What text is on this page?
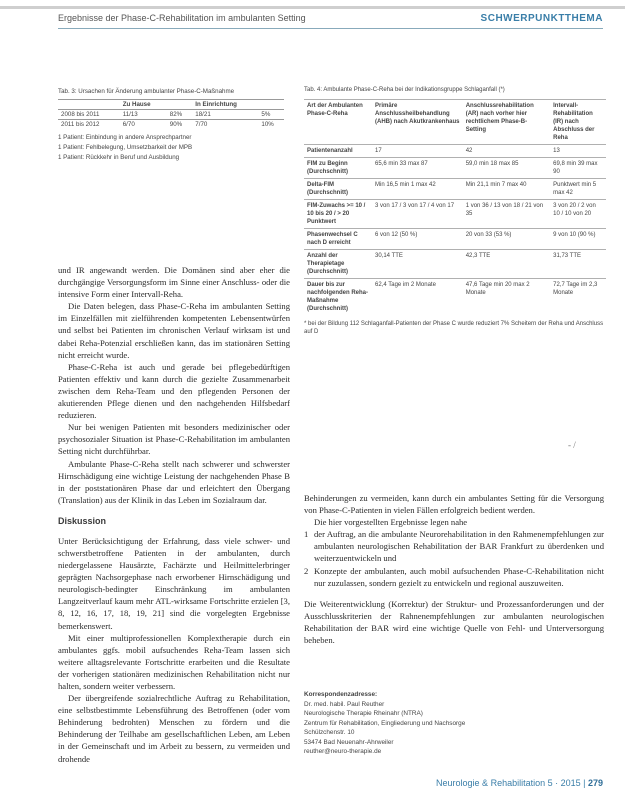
Ergebnisse der Phase-C-Rehabilitation im ambulanten Setting	SCHWERPUNKTTHEMA
Tab. 3: Ursachen für Änderung ambulanter Phase-C-Maßnahme
	Zu Hause		In Einrichtung	
2008 bis 2011	11/13	82%	18/21	5%
2011 bis 2012	6/70	90%	7/70	10%
1 Patient: Einbindung in andere Ansprechpartner
1 Patient: Fehlbelegung, Umsetzbarkeit der MPB
1 Patient: Rückkehr in Beruf und Ausbildung
Tab. 4: Ambulante Phase-C-Reha bei der Indikationsgruppe Schlaganfall (*)
Art der Ambulanten Phase-C-Reha	Primäre Anschlussheilbehandlung (AHB) nach Akutkrankenhaus	Anschlussrehabilitation (AR) nach vorher hier rechtlichem Phase-B-Setting	Intervall-Rehabilitation (IR) nach Abschluss der Reha
Patientenanzahl	17	42	13
FIM zu Beginn (Durchschnitt)	65,6 min 33 max 87	59,0 min 18 max 85	69,8 min 39 max 90
Delta-FIM (Durchschnitt)	Min 16,5 min 1 max 42	Min 21,1 min 7 max 40	Punktwert min 5 max 42
FIM-Zuwachs >= 10 / 10 bis 20 / > 20 Punktwert	3 von 17 / 3 von 17 / 4 von 17	1 von 36 / 13 von 18 / 21 von 35	3 von 20 / 2 von 10 / 10 von 20
Phasenwechsel C nach D erreicht	6 von 12 (50 %)	20 von 33 (53 %)	9 von 10 (90 %)
Anzahl der Therapietage (Durchschnitt)	30,14 TTE	42,3 TTE	31,73 TTE
Dauer bis zur nachfolgenden Reha-Maßnahme (Durchschnitt)	62,4 Tage im 2 Monate	47,6 Tage min 20 max 2 Monate	72,7 Tage im 2,3 Monate
* bei der Bildung 112 Schlaganfall-Patienten der Phase C wurde reduziert 7% Scheitern der Reha und Anschluss auf D

und IR angewandt werden. Die Domänen sind aber eher die durchgängige Versorgungsform im Sinne einer Anschluss- oder die intensive Form einer Intervall-Reha.

Die Daten belegen, dass Phase-C-Reha im ambulanten Setting im Einzelfällen mit zielführenden kompetenten Lebensentwürfen und selbst bei Patienten im chronischen Verlauf wirksam ist und dabei Reha-Potenzial erschließen kann, das im stationären Setting nicht erreicht wurde.

Phase-C-Reha ist auch und gerade bei pflegebedürftigen Patienten effektiv und kann durch die gezielte Zusammenarbeit zwischen dem Reha-Team und den pflegenden Personen der akutierenden Pflege dienen und den nachgehenden Hilfsbedarf reduzieren.

Nur bei wenigen Patienten mit besonders medizinischer oder psychosozialer Situation ist Phase-C-Rehabilitation im ambulanten Setting nicht durchführbar.

Ambulante Phase-C-Reha stellt nach schwerer und schwerster Hirnschädigung eine wichtige Leistung der nachgehenden Phase B in der poststationären Phase dar und erleichtert den Übergang (Translation) aus der Klinik in das Leben im Sozialraum dar.

Diskussion

Unter Berücksichtigung der Erfahrung, dass viele schwer- und schwerstbetroffene Patienten in der ambulanten, durch niedergelassene Hausärzte, Fachärzte und Heilmittelerbringer geprägten Nachsorgephase nach erworbener Hirnschädigung und neurologisch-bedingter Einschränkung im ambulanten Langzeitverlauf kaum mehr ATL-wirksame Fortschritte erzielen [3, 8, 12, 16, 17, 18, 19, 21] sind die vorgelegten Ergebnisse bemerkenswert.

Mit einer multiprofessionellen Komplextherapie durch ein ambulantes ggfs. mobil aufsuchendes Reha-Team lassen sich weitere alltagsrelevante Fortschritte erarbeiten und die Resultate der vorherigen stationären medizinischen Rehabilitation nicht nur halten, sondern weiter verbessern.

Der übergreifende sozialrechtliche Auftrag zu Rehabilitation, eine selbstbestimmte Lebensführung des Betroffenen (oder vom Behinderung bedrohten) Menschen zu fördern und die Behinderung der Teilhabe am gesellschaftlichen Leben, am Leben in der Gemeinschaft und im Arbeit zu bessern, zu vermeiden und drohende

- /

Behinderungen zu vermeiden, kann durch ein ambulantes Setting für die Versorgung von Phase-C-Patienten in vielen Fällen erfolgreich bedient werden.

Die hier vorgestellten Ergebnisse legen nahe

1 der Auftrag, an die ambulante Neurorehabilitation in den Rahmenempfehlungen zur ambulanten neurologischen Rehabilitation der BAR Frankfurt zu überdenken und weiterzuentwickeln und
2 Konzepte der ambulanten, auch mobil aufsuchenden Phase-C-Rehabilitation nicht nur zuzulassen, sondern gezielt zu entwickeln und regional auszuweiten.

Die Weiterentwicklung (Korrektur) der Struktur- und Prozessanforderungen und der Ausschlusskriterien der Rahnenempfehlungen zur ambulanten neurologischen Rehabilitation der BAR wird eine wichtige Quelle von Fehl- und Unterversorgung beheben.

Korrespondenzadresse:
Dr. med. habil. Paul Reuther
Neurologische Therapie Rheinahr (NTRA)
Zentrum für Rehabilitation, Eingliederung und Nachsorge
Schülzchenstr. 10
53474 Bad Neuenahr-Ahrweiler
reuther@neuro-therapie.de
Neurologie & Rehabilitation 5 · 2015 | 279
